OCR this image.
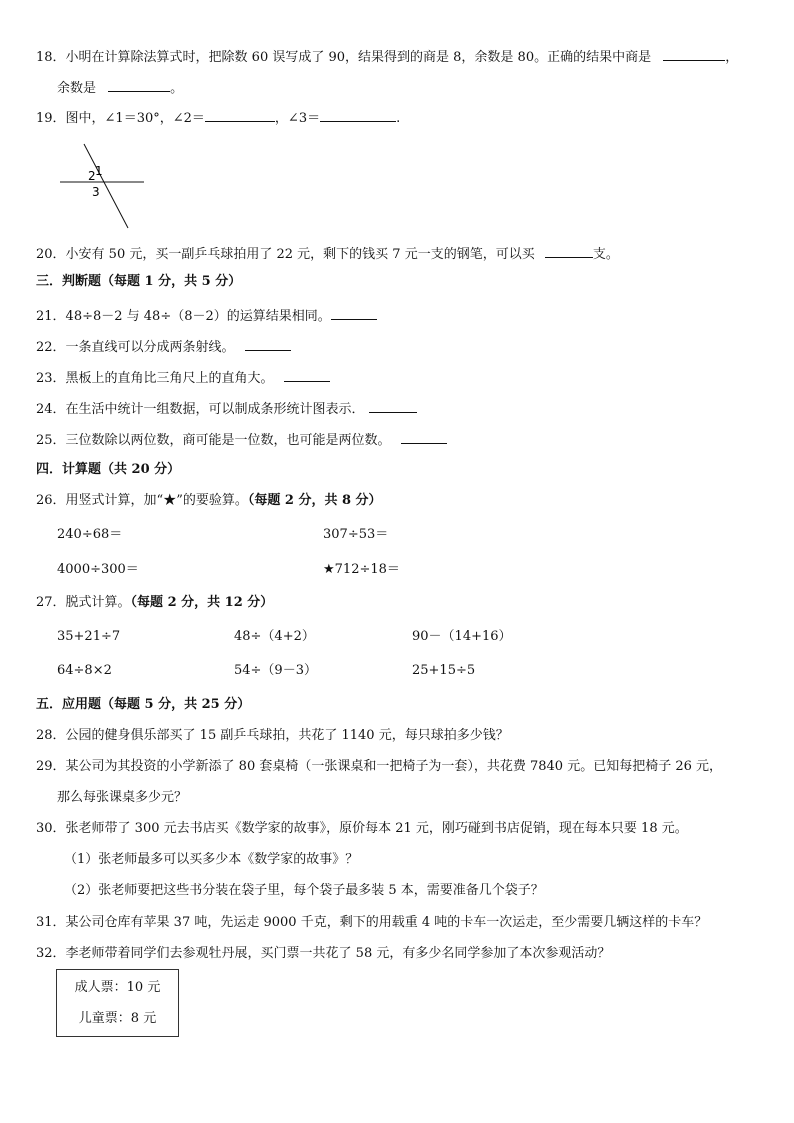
18．小明在计算除法算式时，把除数 60 误写成了 90，结果得到的商是 8，余数是 80。正确的结果中商是	，
余数是	。
19．图中，∠1＝30°，∠2＝	，∠3＝	.
1
2
3
20．小安有 50 元，买一副乒乓球拍用了 22 元，剩下的钱买 7 元一支的钢笔，可以买	支。
三．判断题（每题 1 分，共 5 分）
21．48÷8－2 与 48÷（8－2）的运算结果相同。
22．一条直线可以分成两条射线。
23．黑板上的直角比三角尺上的直角大。
24．在生活中统计一组数据，可以制成条形统计图表示．
25．三位数除以两位数，商可能是一位数，也可能是两位数。
四．计算题（共 20 分）
26．用竖式计算，加“★”的要验算。（每题 2 分，共 8 分）
240÷68＝	307÷53＝
4000÷300＝	★712÷18＝
27．脱式计算。（每题 2 分，共 12 分）
35+21÷7	48÷（4+2）	90－（14+16）
64÷8×2	54÷（9－3）	25+15÷5
五．应用题（每题 5 分，共 25 分）
28．公园的健身俱乐部买了 15 副乒乓球拍，共花了 1140 元，每只球拍多少钱？
29．某公司为其投资的小学新添了 80 套桌椅（一张课桌和一把椅子为一套），共花费 7840 元。已知每把椅子 26 元，
那么每张课桌多少元？
30．张老师带了 300 元去书店买《数学家的故事》，原价每本 21 元，刚巧碰到书店促销，现在每本只要 18 元。
（1）张老师最多可以买多少本《数学家的故事》？
（2）张老师要把这些书分装在袋子里，每个袋子最多装 5 本，需要准备几个袋子？
31．某公司仓库有苹果 37 吨，先运走 9000 千克，剩下的用载重 4 吨的卡车一次运走，至少需要几辆这样的卡车？
32．李老师带着同学们去参观牡丹展，买门票一共花了 58 元，有多少名同学参加了本次参观活动？
成人票：10 元
儿童票：8 元
